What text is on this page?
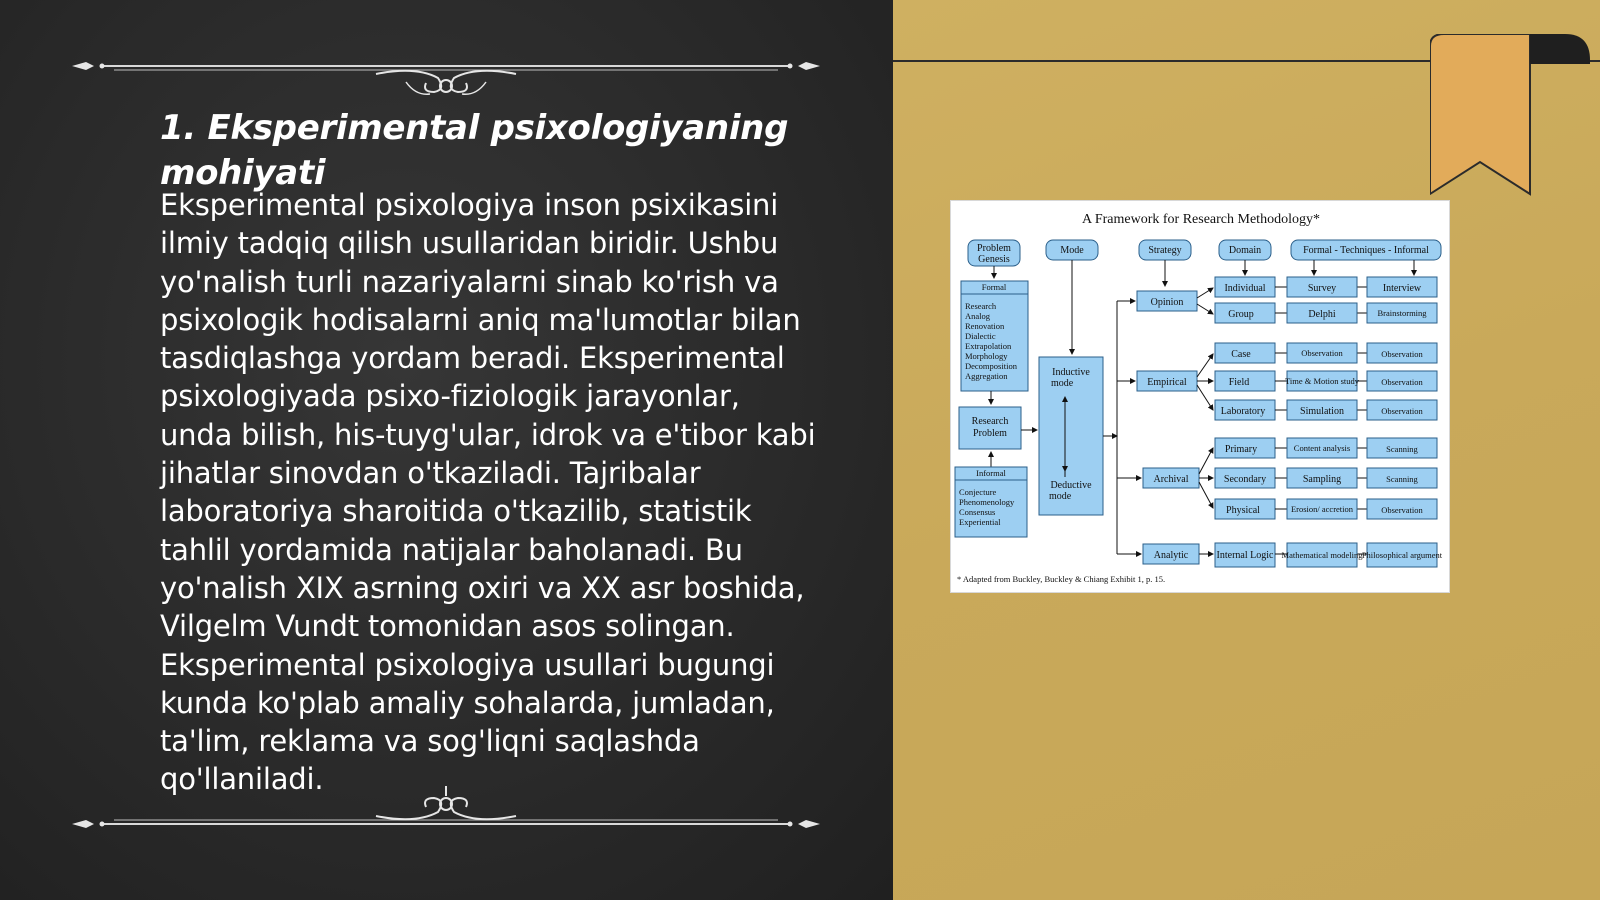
1. Eksperimental psixologiyaning
mohiyati
Eksperimental psixologiya inson psixikasini
ilmiy tadqiq qilish usullaridan biridir. Ushbu
yo'nalish turli nazariyalarni sinab ko'rish va
psixologik hodisalarni aniq ma'lumotlar bilan
tasdiqlashga yordam beradi. Eksperimental
psixologiyada psixo-fiziologik jarayonlar,
unda bilish, his-tuyg'ular, idrok va e'tibor kabi
jihatlar sinovdan o'tkaziladi. Tajribalar
laboratoriya sharoitida o'tkazilib, statistik
tahlil yordamida natijalar baholanadi. Bu
yo'nalish XIX asrning oxiri va XX asr boshida,
Vilgelm Vundt tomonidan asos solingan.
Eksperimental psixologiya usullari bugungi
kunda ko'plab amaliy sohalarda, jumladan,
ta'lim, reklama va sog'liqni saqlashda
qo'llaniladi.
A Framework for Research Methodology*
Problem
Genesis
Mode	Strategy	Domain	Formal - Techniques - Informal
Formal
Research
Analog
Renovation
Dialectic
Extrapolation
Morphology
Decomposition
Aggregation
Research
Problem
Informal
Conjecture
Phenomenology
Consensus
Experiential
Inductive
mode
Deductive
mode
Opinion
Empirical
Archival
Analytic
Individual
Group
Case
Field
Laboratory
Primary
Secondary
Physical
Internal Logic
Survey
Delphi
Observation
Time & Motion study
Simulation
Content analysis
Sampling
Erosion/ accretion
Mathematical modeling
Interview
Brainstorming
Observation
Observation
Observation
Scanning
Scanning
Observation
Philosophical argument
* Adapted from Buckley, Buckley & Chiang Exhibit 1, p. 15.
